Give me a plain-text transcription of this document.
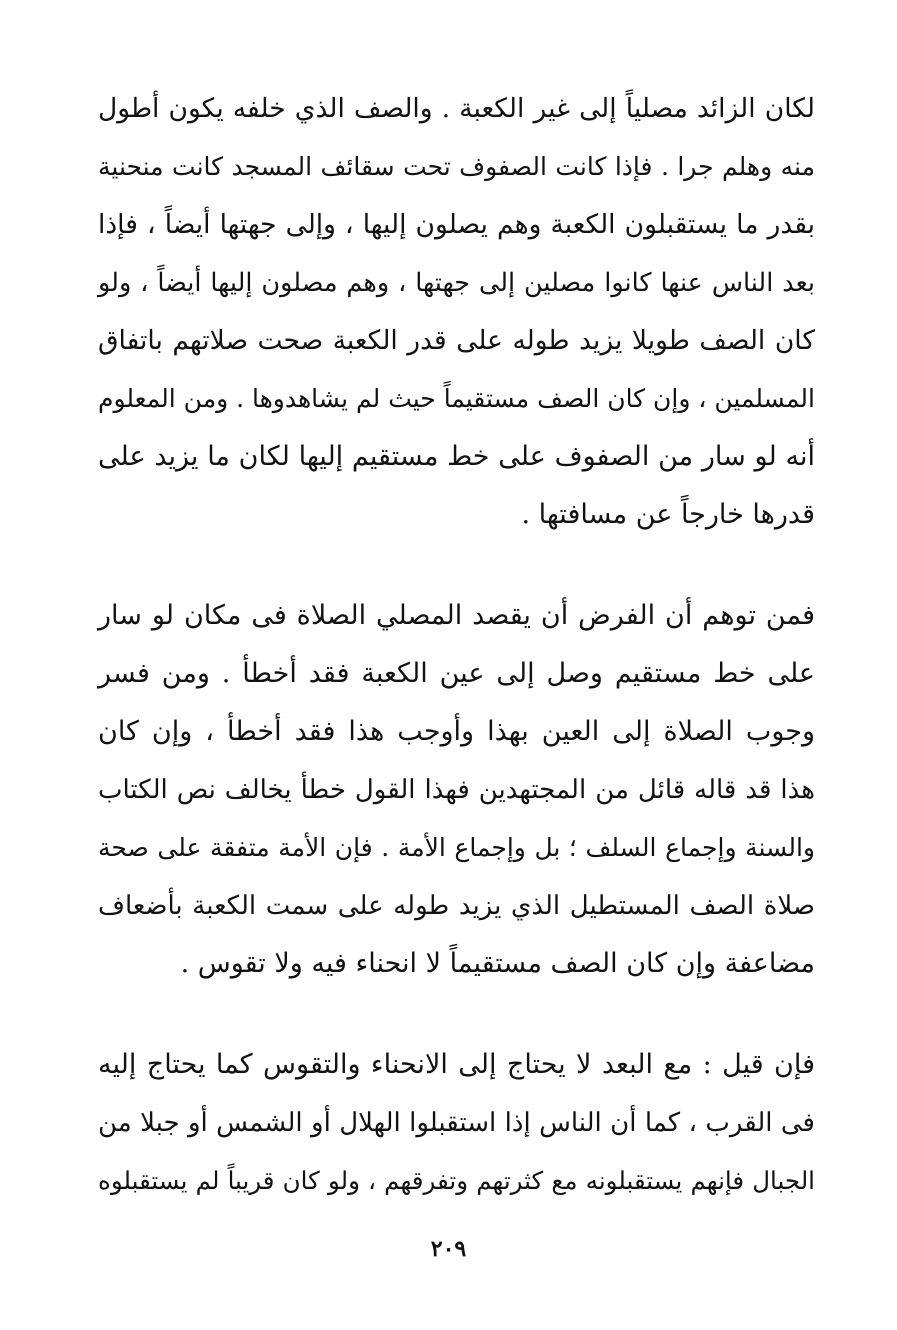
لكان الزائد مصلياً إلى غير الكعبة . والصف الذي خلفه يكون أطول
منه وهلم جرا . فإذا كانت الصفوف تحت سقائف المسجد كانت منحنية
بقدر ما يستقبلون الكعبة وهم يصلون إليها ، وإلى جهتها أيضاً ، فإذا
بعد الناس عنها كانوا مصلين إلى جهتها ، وهم مصلون إليها أيضاً ، ولو
كان الصف طويلا يزيد طوله على قدر الكعبة صحت صلاتهم باتفاق
المسلمين ، وإن كان الصف مستقيماً حيث لم يشاهدوها . ومن المعلوم
أنه لو سار من الصفوف على خط مستقيم إليها لكان ما يزيد على
قدرها خارجاً عن مسافتها .
فمن توهم أن الفرض أن يقصد المصلي الصلاة فى مكان لو سار
على خط مستقيم وصل إلى عين الكعبة فقد أخطأ . ومن فسر
وجوب الصلاة إلى العين بهذا وأوجب هذا فقد أخطأ ، وإن كان
هذا قد قاله قائل من المجتهدين فهذا القول خطأ يخالف نص الكتاب
والسنة وإجماع السلف ؛ بل وإجماع الأمة . فإن الأمة متفقة على صحة
صلاة الصف المستطيل الذي يزيد طوله على سمت الكعبة بأضعاف
مضاعفة وإن كان الصف مستقيماً لا انحناء فيه ولا تقوس .
فإن قيل : مع البعد لا يحتاج إلى الانحناء والتقوس كما يحتاج إليه
فى القرب ، كما أن الناس إذا استقبلوا الهلال أو الشمس أو جبلا من
الجبال فإنهم يستقبلونه مع كثرتهم وتفرقهم ، ولو كان قريباً لم يستقبلوه
٢٠٩
